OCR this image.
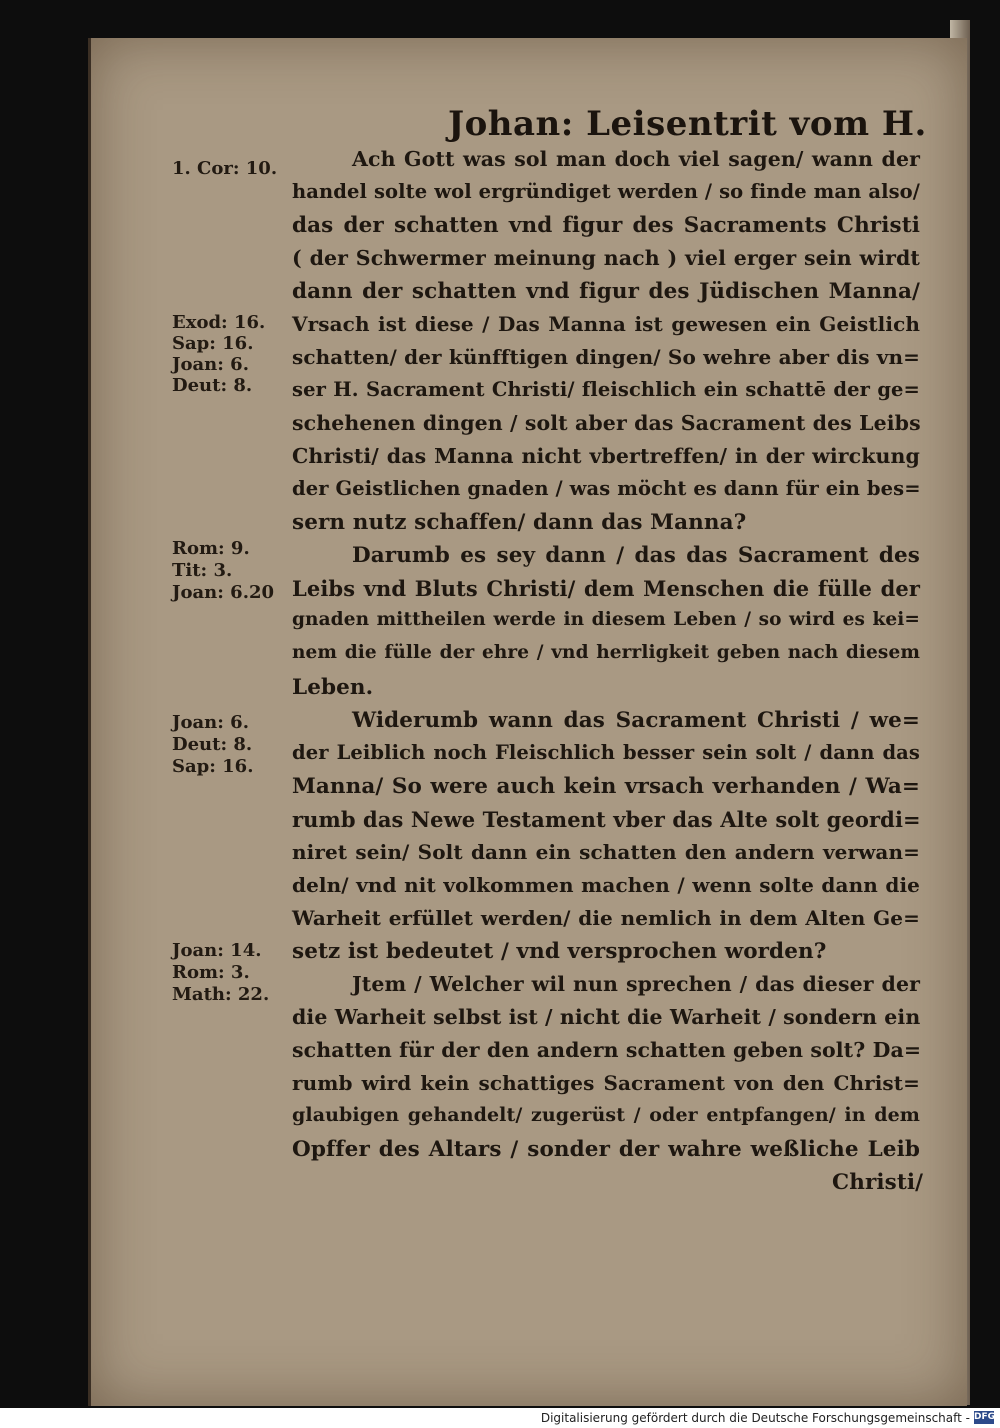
Johan: Leisentrit vom H.
1. Cor: 10.
Exod: 16.
Sap: 16.
Joan: 6.
Deut: 8.
Rom: 9.
Tit: 3.
Joan: 6.20
Joan: 6.
Deut: 8.
Sap: 16.
Joan: 14.
Rom: 3.
Math: 22.
Ach Gott was sol man doch viel sagen/ wann der
handel solte wol ergründiget werden / so finde man also/
das der schatten vnd figur des Sacraments Christi
( der Schwermer meinung nach ) viel erger sein wirdt
dann der schatten vnd figur des Jüdischen Manna/
Vrsach ist diese / Das Manna ist gewesen ein Geistlich
schatten/ der künfftigen dingen/ So wehre aber dis vn=
ser H. Sacrament Christi/ fleischlich ein schattē der ge=
schehenen dingen / solt aber das Sacrament des Leibs
Christi/ das Manna nicht vbertreffen/ in der wirckung
der Geistlichen gnaden / was möcht es dann für ein bes=
sern nutz schaffen/ dann das Manna?
Darumb es sey dann / das das Sacrament des
Leibs vnd Bluts Christi/ dem Menschen die fülle der
gnaden mittheilen werde in diesem Leben / so wird es kei=
nem die fülle der ehre / vnd herrligkeit geben nach diesem
Leben.
Widerumb wann das Sacrament Christi / we=
der Leiblich noch Fleischlich besser sein solt / dann das
Manna/ So were auch kein vrsach verhanden / Wa=
rumb das Newe Testament vber das Alte solt geordi=
niret sein/ Solt dann ein schatten den andern verwan=
deln/ vnd nit volkommen machen / wenn solte dann die
Warheit erfüllet werden/ die nemlich in dem Alten Ge=
setz ist bedeutet / vnd versprochen worden?
Jtem / Welcher wil nun sprechen / das dieser der
die Warheit selbst ist / nicht die Warheit / sondern ein
schatten für der den andern schatten geben solt? Da=
rumb wird kein schattiges Sacrament von den Christ=
glaubigen gehandelt/ zugerüst / oder entpfangen/ in dem
Opffer des Altars / sonder der wahre weßliche Leib
Christi/
Digitalisierung gefördert durch die Deutsche Forschungsgemeinschaft - DFG
